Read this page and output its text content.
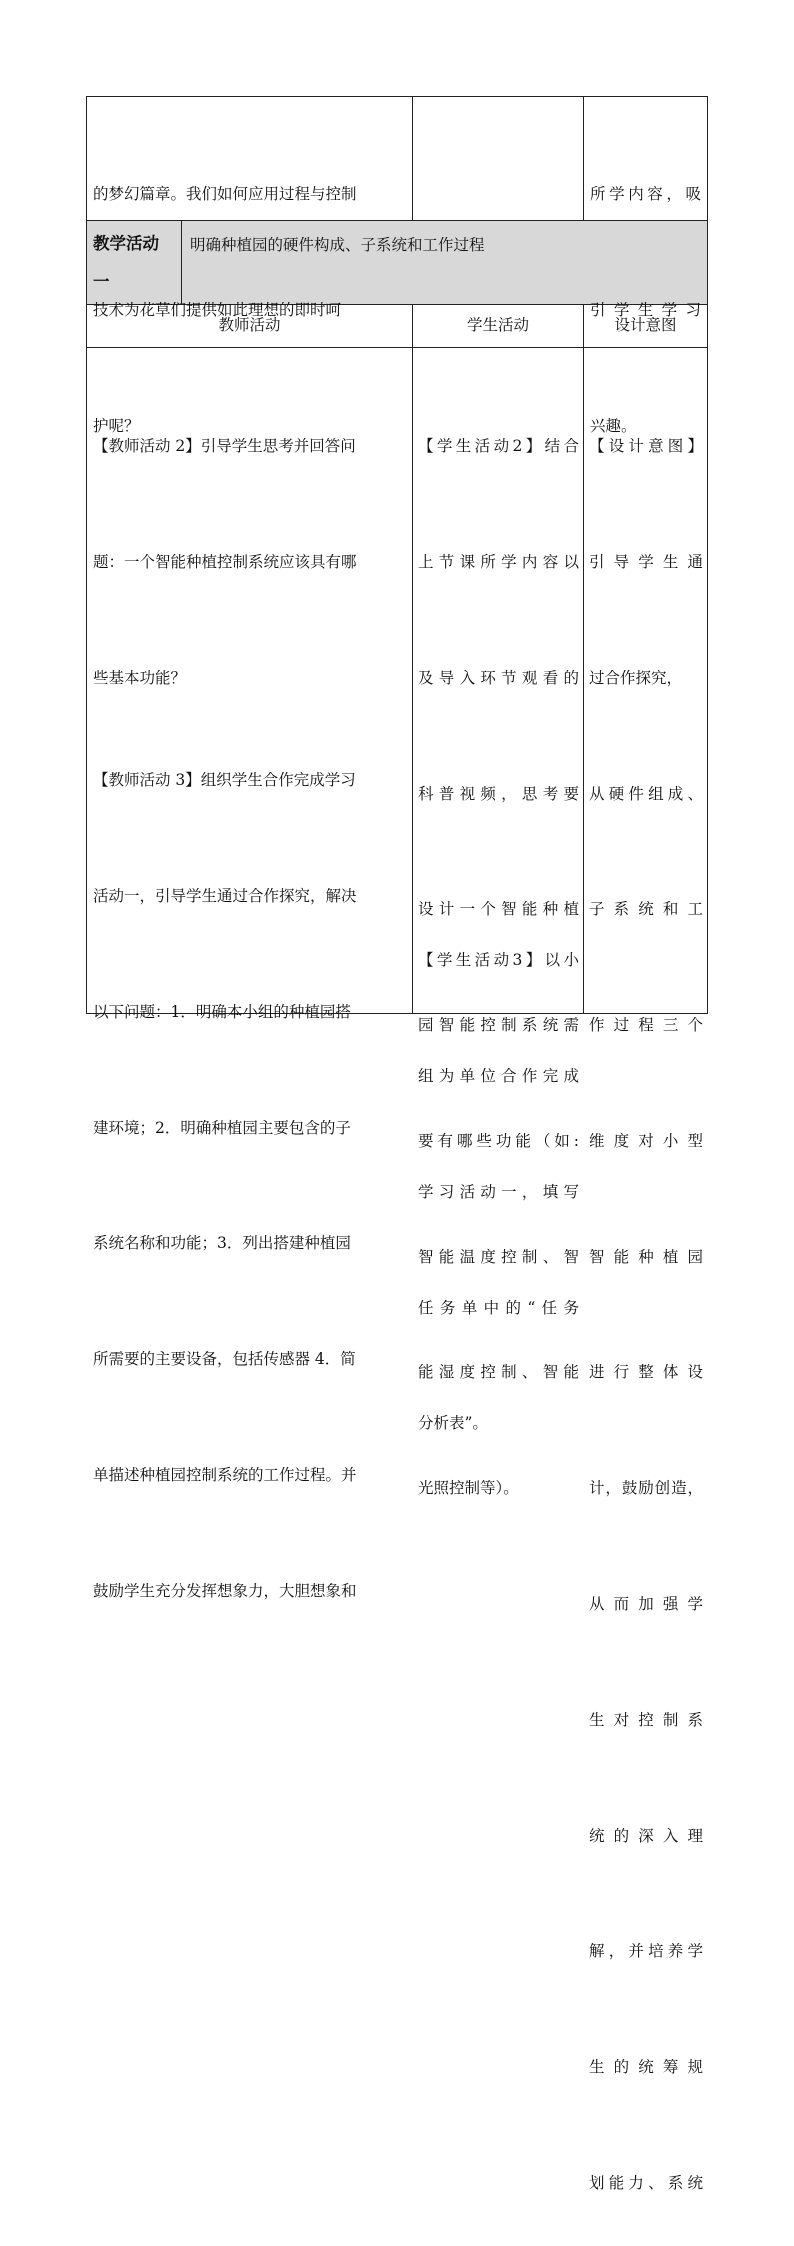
的梦幻篇章。我们如何应用过程与控制

技术为花草们提供如此理想的即时呵

护呢？

所学内容，吸

引学生学习

兴趣。

教学活动
一
明确种植园的硬件构成、子系统和工作过程
教师活动	学生活动	设计意图

【教师活动 2】引导学生思考并回答问

题：一个智能种植控制系统应该具有哪

些基本功能？

【教师活动 3】组织学生合作完成学习

活动一，引导学生通过合作探究，解决

以下问题：1．明确本小组的种植园搭

建环境；2．明确种植园主要包含的子

系统名称和功能；3．列出搭建种植园

所需要的主要设备，包括传感器 4．简

单描述种植园控制系统的工作过程。并

鼓励学生充分发挥想象力，大胆想象和

【学生活动2】结合

上节课所学内容以

及导入环节观看的

科普视频，思考要

设计一个智能种植

园智能控制系统需

要有哪些功能（如:

智能温度控制、智

能湿度控制、智能

光照控制等）。

【学生活动3】以小

组为单位合作完成

学习活动一，填写

任务单中的“任务

分析表”。

【设计意图】

引导学生通

过合作探究，

从硬件组成、

子系统和工

作过程三个

维度对小型

智能种植园

进行整体设

计，鼓励创造，

从而加强学

生对控制系

统的深入理

解，并培养学

生的统筹规

划能力、系统
